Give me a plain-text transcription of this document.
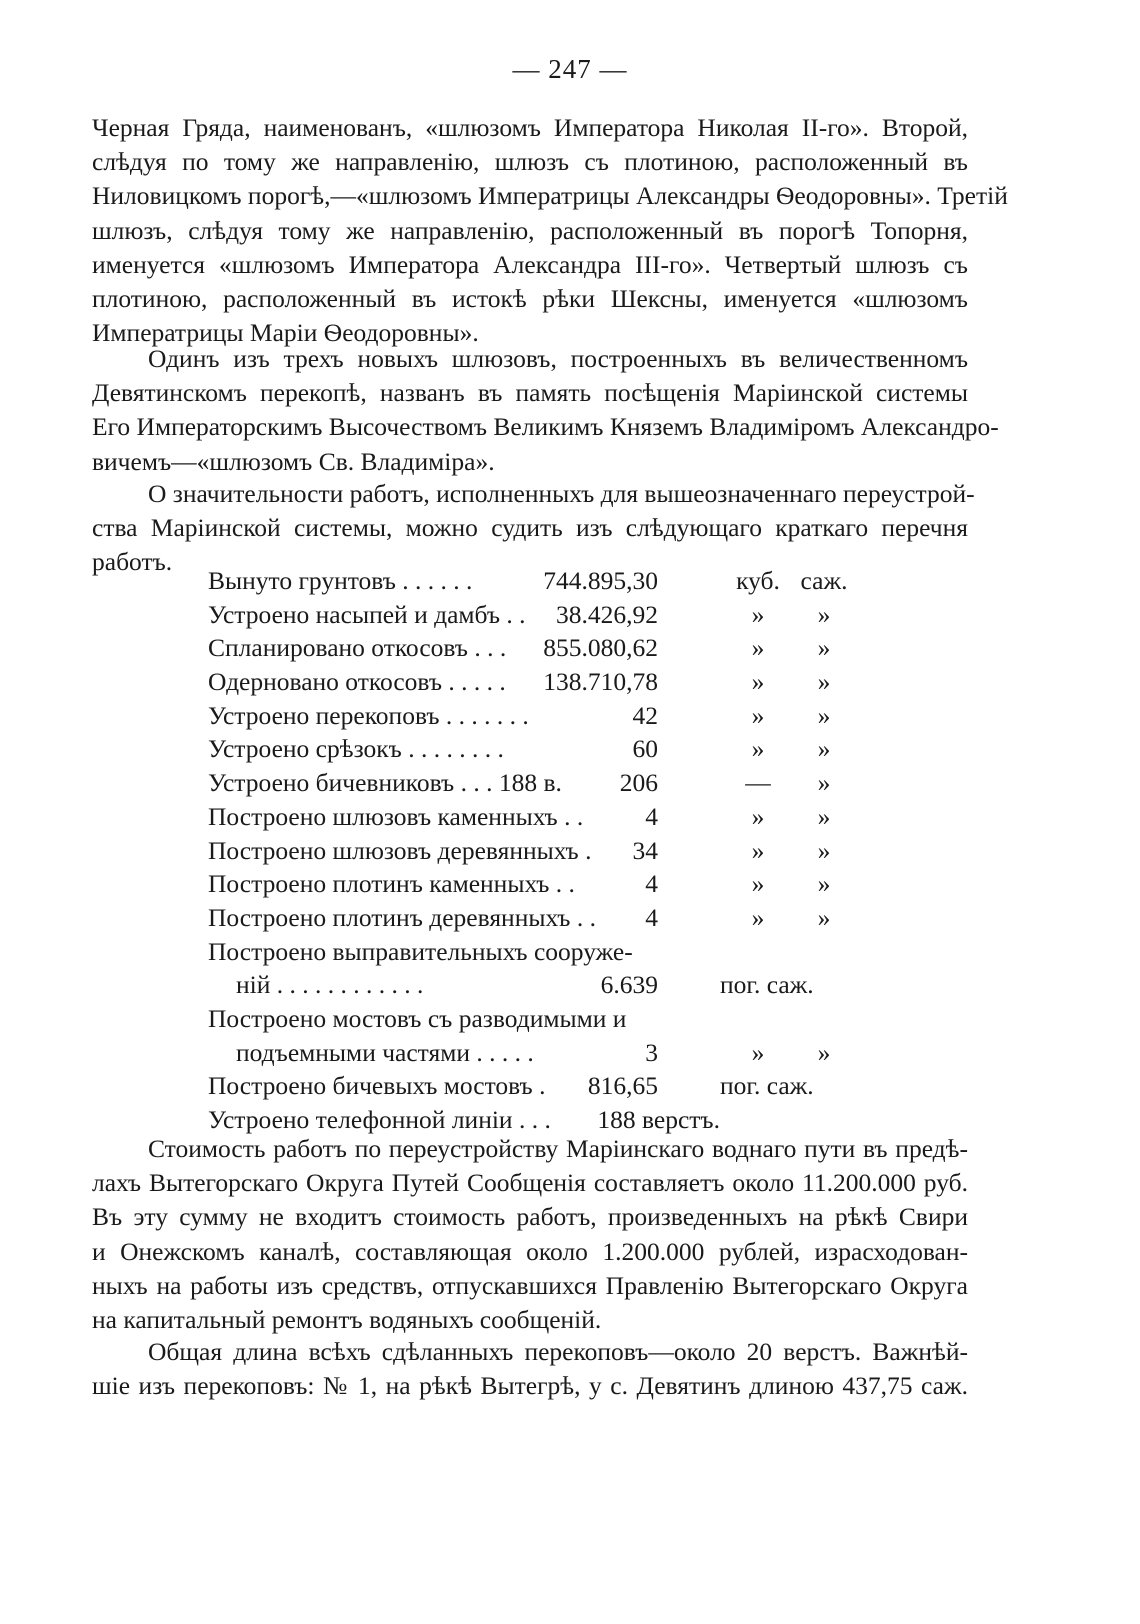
— 247 —
Черная Гряда, наименованъ, «шлюзомъ Императора Николая II-го». Второй,
слѣдуя по тому же направленiю, шлюзъ съ плотиною, расположенный въ
Ниловицкомъ порогѣ,—«шлюзомъ Императрицы Александры Ѳеодоровны». Третiй
шлюзъ, слѣдуя тому же направленiю, расположенный въ порогѣ Топорня,
именуется «шлюзомъ Императора Александра III-го». Четвертый шлюзъ съ
плотиною, расположенный въ истокѣ рѣки Шексны, именуется «шлюзомъ
Императрицы Марiи Ѳеодоровны».
Одинъ изъ трехъ новыхъ шлюзовъ, построенныхъ въ величественномъ
Девятинскомъ перекопѣ, названъ въ память посѣщенiя Марiинской системы
Его Императорскимъ Высочествомъ Великимъ Княземъ Владимiромъ Александро-
вичемъ—«шлюзомъ Св. Владимiра».
О значительности работъ, исполненныхъ для вышеозначеннаго переустрой-
ства Марiинской системы, можно судить изъ слѣдующаго краткаго перечня
работъ.
Вынуто грунтовъ . . . . . .	744.895,30	куб. саж.
Устроено насыпей и дамбъ . . 38.426,92	»	»
Спланировано откосовъ . . . 855.080,62	»	»
Одерновано откосовъ . . . . . 138.710,78	»	»
Устроено перекоповъ . . . . . . .	42	»	»
Устроено срѣзокъ . . . . . . . .	60	»	»
Устроено бичевниковъ . . . 188 в. 206	—	»
Построено шлюзовъ каменныхъ . . 4	»	»
Построено шлюзовъ деревянныхъ . 34	»	»
Построено плотинъ каменныхъ . .	4	»	»
Построено плотинъ деревянныхъ . . 4	»	»
Построено выправительныхъ сооруже-
нiй . . . . . . . . . . . .	6.639 пог. саж.
Построено мостовъ съ разводимыми и
подъемными частями . . . . .	3	»	»
Построено бичевыхъ мостовъ . 816,65 пог. саж.
Устроено телефонной линiи . . . 188 верстъ.
Стоимость работъ по переустройству Марiинскаго воднаго пути въ предѣ-
лахъ Вытегорскаго Округа Путей Сообщенiя составляетъ около 11.200.000 руб.
Въ эту сумму не входитъ стоимость работъ, произведенныхъ на рѣкѣ Свири
и Онежскомъ каналѣ, составляющая около 1.200.000 рублей, израсходован-
ныхъ на работы изъ средствъ, отпускавшихся Правленiю Вытегорскаго Округа
на капитальный ремонтъ водяныхъ сообщенiй.
Общая длина всѣхъ сдѣланныхъ перекоповъ—около 20 верстъ. Важнѣй-
шiе изъ перекоповъ: № 1, на рѣкѣ Вытегрѣ, у с. Девятинъ длиною 437,75 саж.
